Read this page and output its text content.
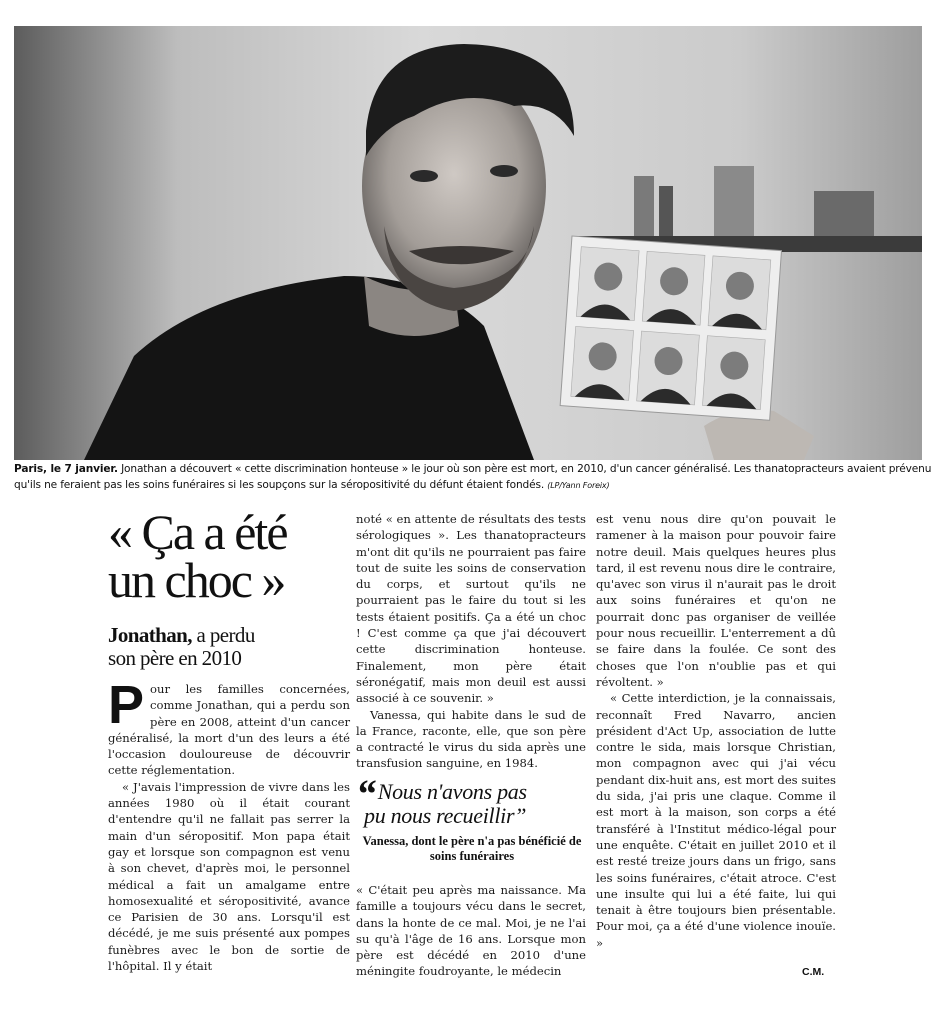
Paris, le 7 janvier. Jonathan a découvert « cette discrimination honteuse » le jour où son père est mort, en 2010, d'un cancer généralisé. Les thanatopracteurs avaient prévenu qu'ils ne feraient pas les soins funéraires si les soupçons sur la séropositivité du défunt étaient fondés. (LP/Yann Foreix)
« Ça a été
un choc »
Jonathan, a perdu
son père en 2010

Pour les familles concernées, comme Jonathan, qui a perdu son père en 2008, atteint d'un cancer généralisé, la mort d'un des leurs a été l'occasion douloureuse de découvrir cette réglementation.

« J'avais l'impression de vivre dans les années 1980 où il était courant d'entendre qu'il ne fallait pas serrer la main d'un séropositif. Mon papa était gay et lorsque son compagnon est venu à son chevet, d'après moi, le personnel médical a fait un amalgame entre homosexualité et séropositivité, avance ce Parisien de 30 ans. Lorsqu'il est décédé, je me suis présenté aux pompes funèbres avec le bon de sortie de l'hôpital. Il y était

noté « en attente de résultats des tests sérologiques ». Les thanatopracteurs m'ont dit qu'ils ne pourraient pas faire tout de suite les soins de conservation du corps, et surtout qu'ils ne pourraient pas le faire du tout si les tests étaient positifs. Ça a été un choc ! C'est comme ça que j'ai découvert cette discrimination honteuse. Finalement, mon père était séronégatif, mais mon deuil est aussi associé à ce souvenir. »

Vanessa, qui habite dans le sud de la France, raconte, elle, que son père a contracté le virus du sida après une transfusion sanguine, en 1984.

“Nous n'avons pas
pu nous recueillir”
Vanessa, dont le père n'a pas bénéficié de soins funéraires

« C'était peu après ma naissance. Ma famille a toujours vécu dans le secret, dans la honte de ce mal. Moi, je ne l'ai su qu'à l'âge de 16 ans. Lorsque mon père est décédé en 2010 d'une méningite foudroyante, le médecin

est venu nous dire qu'on pouvait le ramener à la maison pour pouvoir faire notre deuil. Mais quelques heures plus tard, il est revenu nous dire le contraire, qu'avec son virus il n'aurait pas le droit aux soins funéraires et qu'on ne pourrait donc pas organiser de veillée pour nous recueillir. L'enterrement a dû se faire dans la foulée. Ce sont des choses que l'on n'oublie pas et qui révoltent. »

« Cette interdiction, je la connaissais, reconnaît Fred Navarro, ancien président d'Act Up, association de lutte contre le sida, mais lorsque Christian, mon compagnon avec qui j'ai vécu pendant dix-huit ans, est mort des suites du sida, j'ai pris une claque. Comme il est mort à la maison, son corps a été transféré à l'Institut médico-légal pour une enquête. C'était en juillet 2010 et il est resté treize jours dans un frigo, sans les soins funéraires, c'était atroce. C'est une insulte qui lui a été faite, lui qui tenait à être toujours bien présentable. Pour moi, ça a été d'une violence inouïe. »

C.M.
